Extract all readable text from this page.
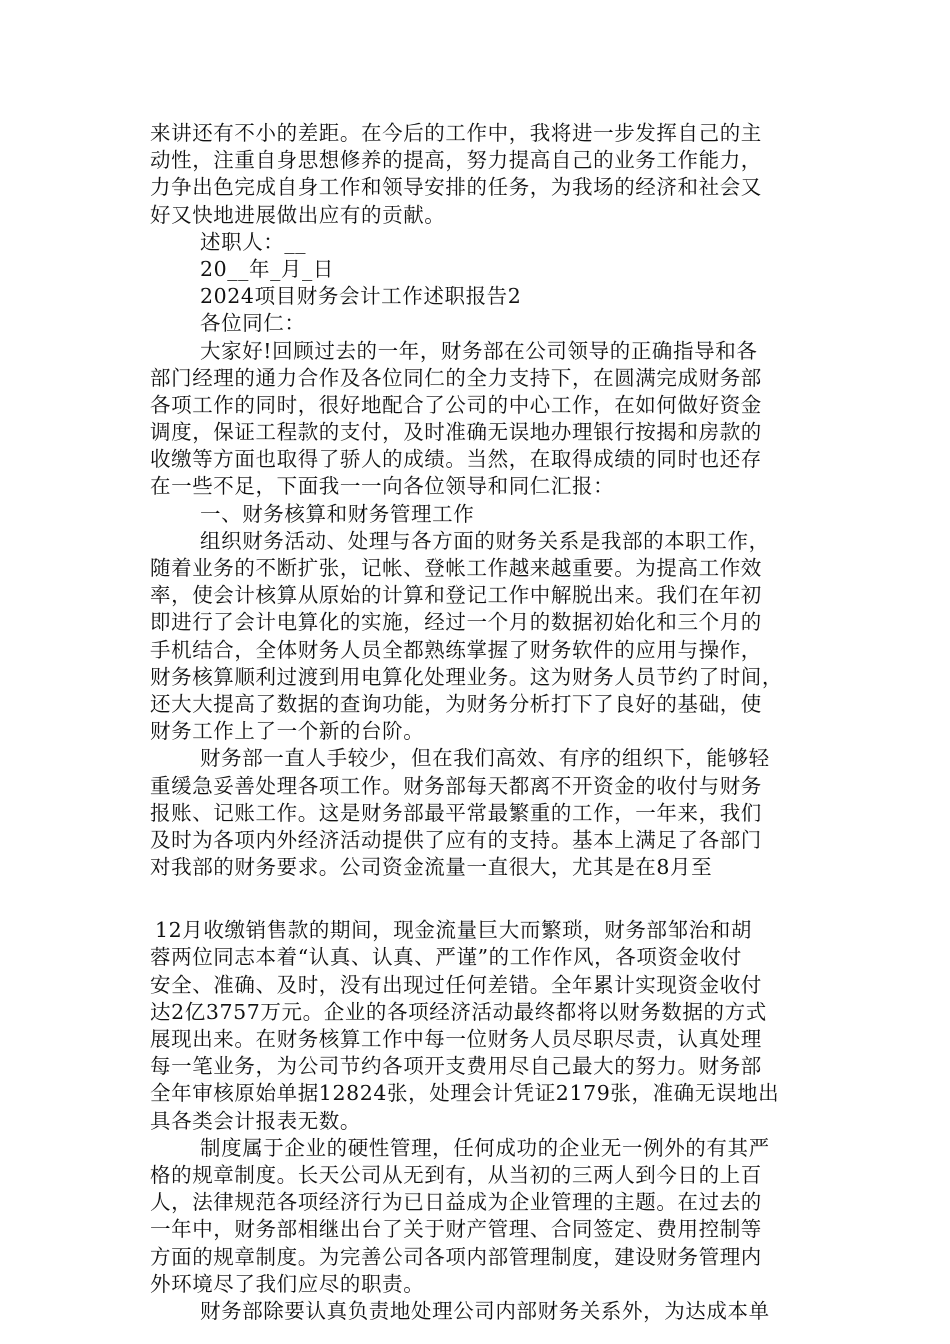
来讲还有不小的差距。在今后的工作中，我将进一步发挥自己的主
动性，注重自身思想修养的提高，努力提高自己的业务工作能力，
力争出色完成自身工作和领导安排的任务，为我场的经济和社会又
好又快地进展做出应有的贡献。
述职人：__
20__年_月_日
2024项目财务会计工作述职报告2
各位同仁：
大家好!回顾过去的一年，财务部在公司领导的正确指导和各
部门经理的通力合作及各位同仁的全力支持下，在圆满完成财务部
各项工作的同时，很好地配合了公司的中心工作，在如何做好资金
调度，保证工程款的支付，及时准确无误地办理银行按揭和房款的
收缴等方面也取得了骄人的成绩。当然，在取得成绩的同时也还存
在一些不足，下面我一一向各位领导和同仁汇报：
一、财务核算和财务管理工作
组织财务活动、处理与各方面的财务关系是我部的本职工作，
随着业务的不断扩张，记帐、登帐工作越来越重要。为提高工作效
率，使会计核算从原始的计算和登记工作中解脱出来。我们在年初
即进行了会计电算化的实施，经过一个月的数据初始化和三个月的
手机结合，全体财务人员全都熟练掌握了财务软件的应用与操作，
财务核算顺利过渡到用电算化处理业务。这为财务人员节约了时间，
还大大提高了数据的查询功能，为财务分析打下了良好的基础，使
财务工作上了一个新的台阶。
财务部一直人手较少，但在我们高效、有序的组织下，能够轻
重缓急妥善处理各项工作。财务部每天都离不开资金的收付与财务
报账、记账工作。这是财务部最平常最繁重的工作，一年来，我们
及时为各项内外经济活动提供了应有的支持。基本上满足了各部门
对我部的财务要求。公司资金流量一直很大，尤其是在8月至
12月收缴销售款的期间，现金流量巨大而繁琐，财务部邹治和胡
蓉两位同志本着“认真、认真、严谨”的工作作风，各项资金收付
安全、准确、及时，没有出现过任何差错。全年累计实现资金收付
达2亿3757万元。企业的各项经济活动最终都将以财务数据的方式
展现出来。在财务核算工作中每一位财务人员尽职尽责，认真处理
每一笔业务，为公司节约各项开支费用尽自己最大的努力。财务部
全年审核原始单据12824张，处理会计凭证2179张，准确无误地出
具各类会计报表无数。
制度属于企业的硬性管理，任何成功的企业无一例外的有其严
格的规章制度。长天公司从无到有，从当初的三两人到今日的上百
人，法律规范各项经济行为已日益成为企业管理的主题。在过去的
一年中，财务部相继出台了关于财产管理、合同签定、费用控制等
方面的规章制度。为完善公司各项内部管理制度，建设财务管理内
外环境尽了我们应尽的职责。
财务部除要认真负责地处理公司内部财务关系外，为达成本单
